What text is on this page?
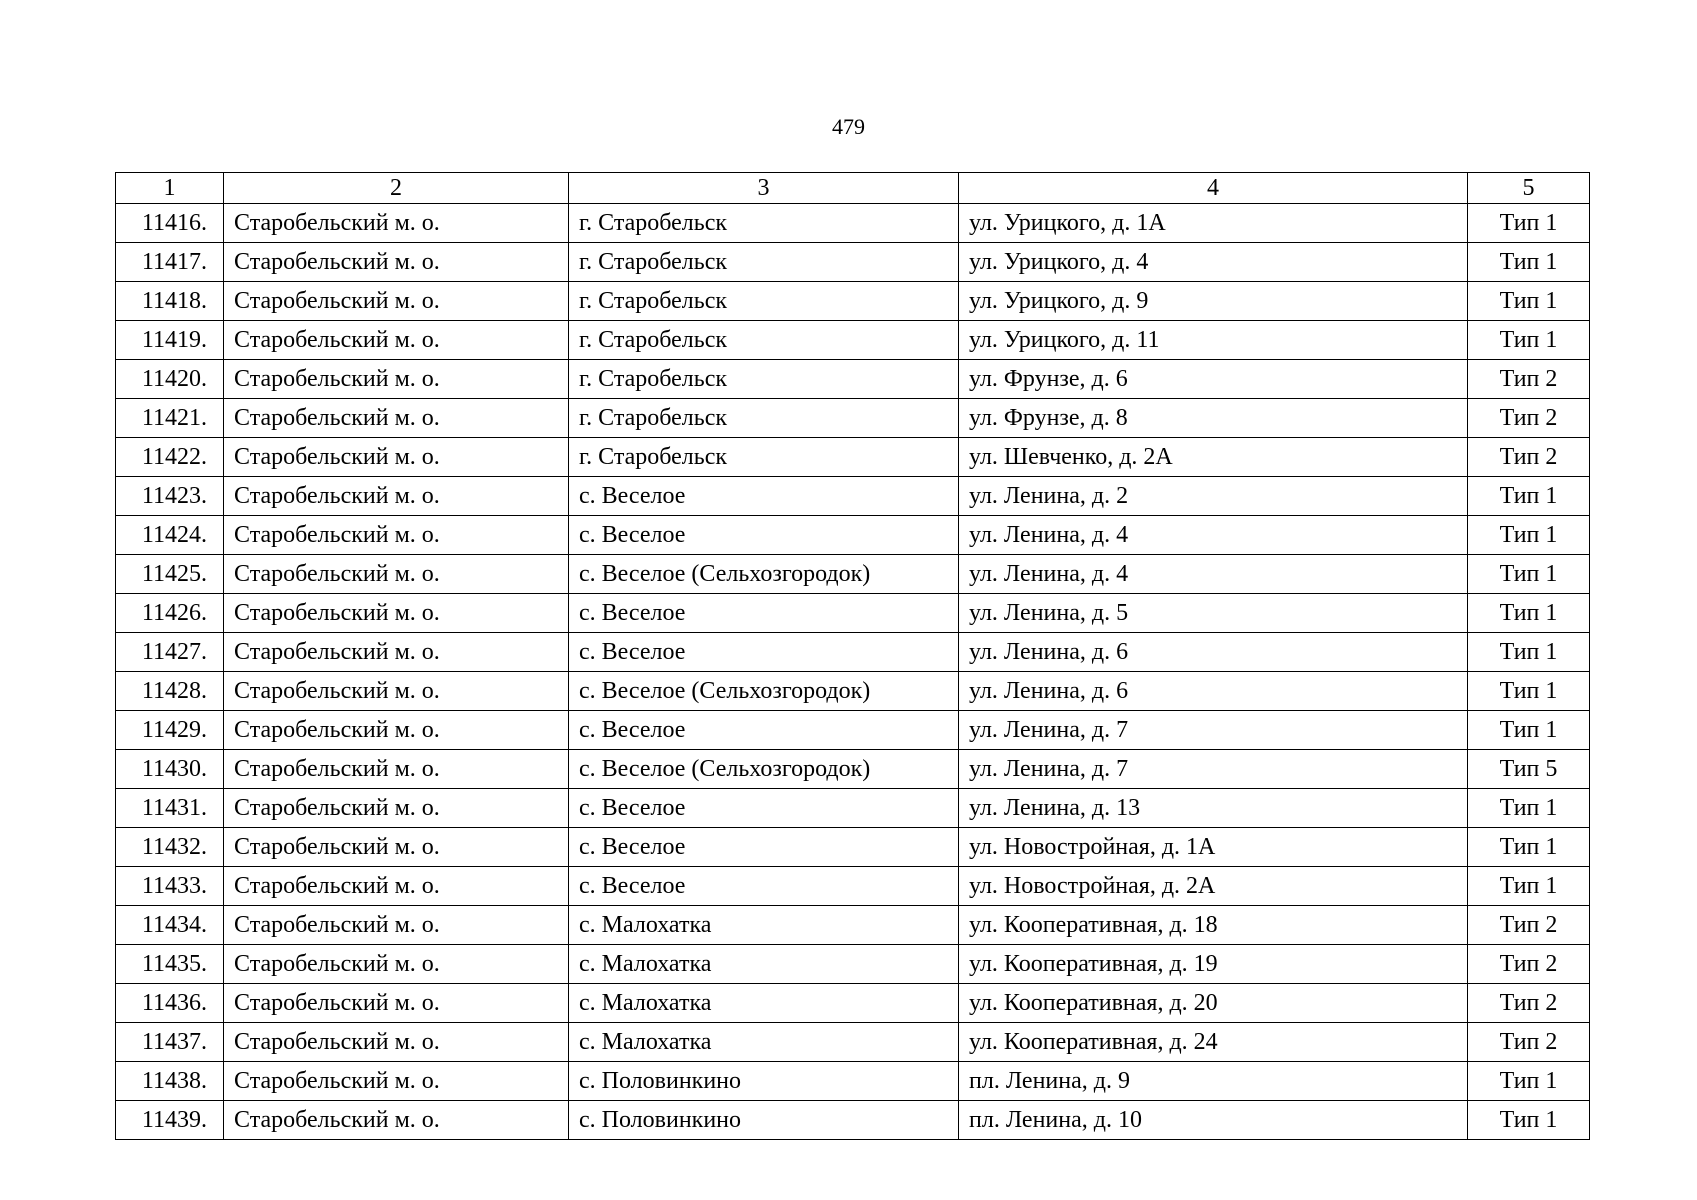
479
1	2	3	4	5
11416.	Старобельский м. о.	г. Старобельск	ул. Урицкого, д. 1А	Тип 1
11417.	Старобельский м. о.	г. Старобельск	ул. Урицкого, д. 4	Тип 1
11418.	Старобельский м. о.	г. Старобельск	ул. Урицкого, д. 9	Тип 1
11419.	Старобельский м. о.	г. Старобельск	ул. Урицкого, д. 11	Тип 1
11420.	Старобельский м. о.	г. Старобельск	ул. Фрунзе, д. 6	Тип 2
11421.	Старобельский м. о.	г. Старобельск	ул. Фрунзе, д. 8	Тип 2
11422.	Старобельский м. о.	г. Старобельск	ул. Шевченко, д. 2А	Тип 2
11423.	Старобельский м. о.	с. Веселое	ул. Ленина, д. 2	Тип 1
11424.	Старобельский м. о.	с. Веселое	ул. Ленина, д. 4	Тип 1
11425.	Старобельский м. о.	с. Веселое (Сельхозгородок)	ул. Ленина, д. 4	Тип 1
11426.	Старобельский м. о.	с. Веселое	ул. Ленина, д. 5	Тип 1
11427.	Старобельский м. о.	с. Веселое	ул. Ленина, д. 6	Тип 1
11428.	Старобельский м. о.	с. Веселое (Сельхозгородок)	ул. Ленина, д. 6	Тип 1
11429.	Старобельский м. о.	с. Веселое	ул. Ленина, д. 7	Тип 1
11430.	Старобельский м. о.	с. Веселое (Сельхозгородок)	ул. Ленина, д. 7	Тип 5
11431.	Старобельский м. о.	с. Веселое	ул. Ленина, д. 13	Тип 1
11432.	Старобельский м. о.	с. Веселое	ул. Новостройная, д. 1А	Тип 1
11433.	Старобельский м. о.	с. Веселое	ул. Новостройная, д. 2А	Тип 1
11434.	Старобельский м. о.	с. Малохатка	ул. Кооперативная, д. 18	Тип 2
11435.	Старобельский м. о.	с. Малохатка	ул. Кооперативная, д. 19	Тип 2
11436.	Старобельский м. о.	с. Малохатка	ул. Кооперативная, д. 20	Тип 2
11437.	Старобельский м. о.	с. Малохатка	ул. Кооперативная, д. 24	Тип 2
11438.	Старобельский м. о.	с. Половинкино	пл. Ленина, д. 9	Тип 1
11439.	Старобельский м. о.	с. Половинкино	пл. Ленина, д. 10	Тип 1
